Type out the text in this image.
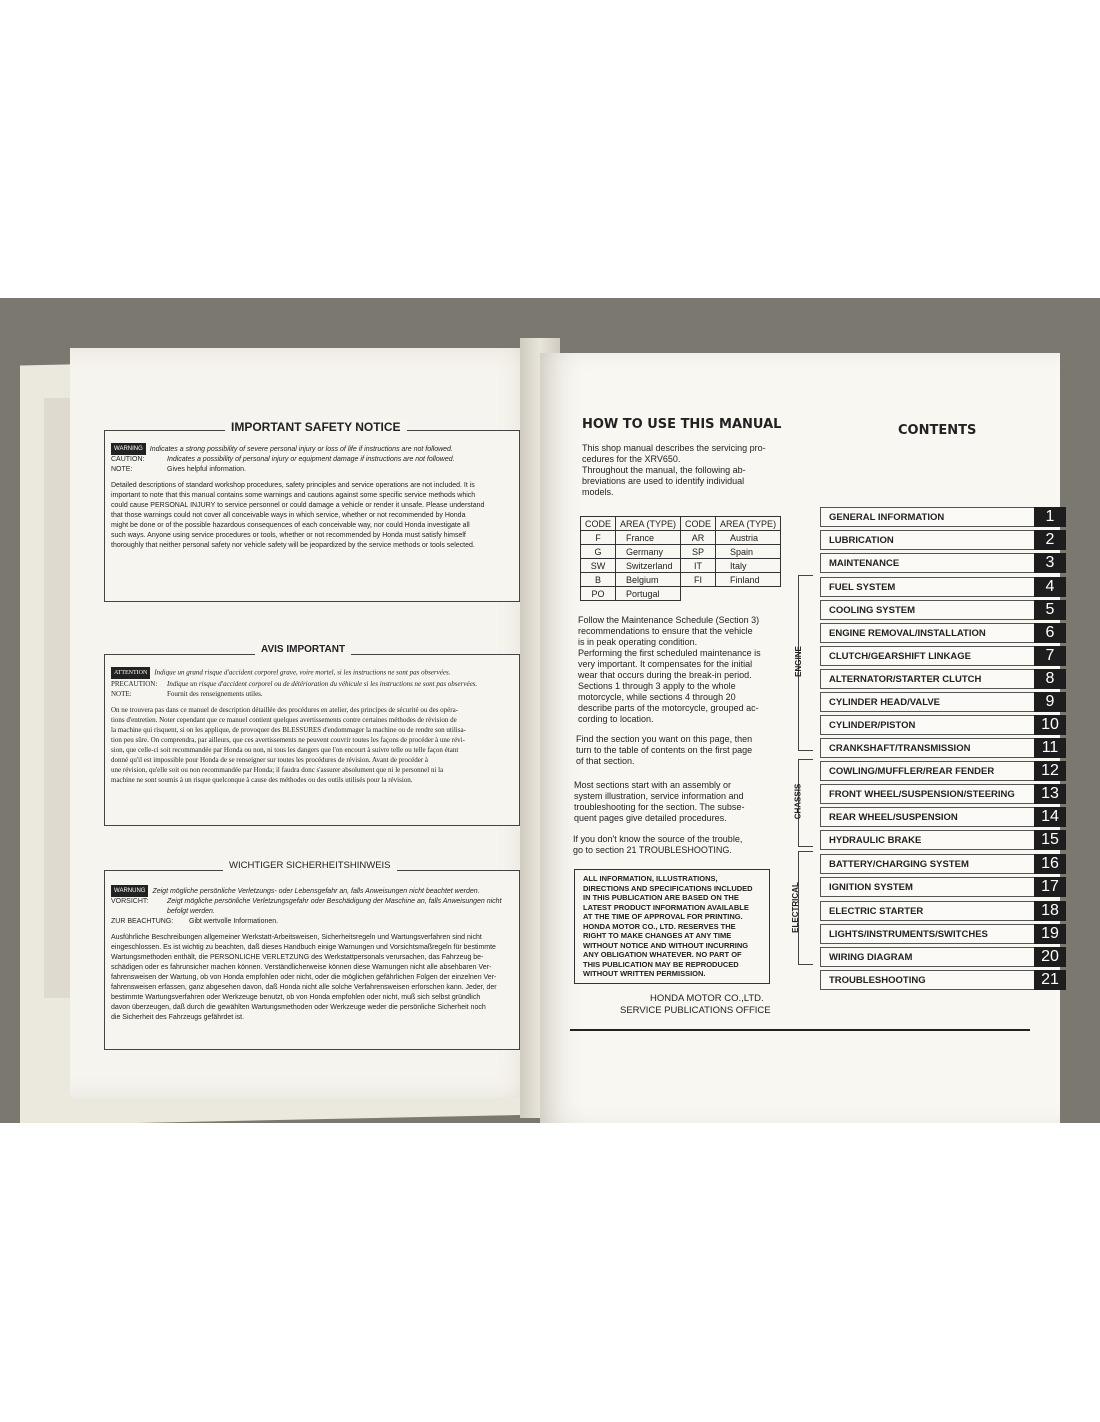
IMPORTANT SAFETY NOTICE
WARNING Indicates a strong possibility of severe personal injury or loss of life if instructions are not followed.
CAUTION:	Indicates a possibility of personal injury or equipment damage if instructions are not followed.
NOTE:	Gives helpful information.
Detailed descriptions of standard workshop procedures, safety principles and service operations are not included. It is
important to note that this manual contains some warnings and cautions against some specific service methods which
could cause PERSONAL INJURY to service personnel or could damage a vehicle or render it unsafe. Please understand
that those warnings could not cover all conceivable ways in which service, whether or not recommended by Honda
might be done or of the possible hazardous consequences of each conceivable way, nor could Honda investigate all
such ways. Anyone using service procedures or tools, whether or not recommended by Honda must satisfy himself
thoroughly that neither personal safety nor vehicle safety will be jeopardized by the service methods or tools selected.
AVIS IMPORTANT
ATTENTION Indique un grand risque d'accident corporel grave, voire mortel, si les instructions ne sont pas observées.
PRECAUTION:	Indique un risque d'accident corporel ou de détérioration du véhicule si les instructions ne sont pas observées.
NOTE:	Fournit des renseignements utiles.
On ne trouvera pas dans ce manuel de description détaillée des procédures en atelier, des principes de sécurité ou des opéra-
tions d'entretien. Noter cependant que ce manuel contient quelques avertissements contre certaines méthodes de révision de
la machine qui risquent, si on les applique, de provoquer des BLESSURES d'endommager la machine ou de rendre son utilisa-
tion peu sûre. On comprendra, par ailleurs, que ces avertissements ne peuvent couvrir toutes les façons de procéder à une révi-
sion, que celle-ci soit recommandée par Honda ou non, ni tous les dangers que l'on encourt à suivre telle ou telle façon étant
donné qu'il est impossible pour Honda de se renseigner sur toutes les procédures de révision. Avant de procéder à
une révision, qu'elle soit ou non recommandée par Honda; il faudra donc s'assurer absolument que ni le personnel ni la
machine ne sont soumis à un risque quelconque à cause des méthodes ou des outils utilisés pour la révision.
WICHTIGER SICHERHEITSHINWEIS
WARNUNG Zeigt mögliche persönliche Verletzungs- oder Lebensgefahr an, falls Anweisungen nicht beachtet werden.
VORSICHT:	Zeigt mögliche persönliche Verletzungsgefahr oder Beschädigung der Maschine an, falls Anweisungen nicht befolgt werden.
ZUR BEACHTUNG:	Gibt wertvolle Informationen.
Ausführliche Beschreibungen allgemeiner Werkstatt-Arbeitsweisen, Sicherheitsregeln und Wartungsverfahren sind nicht
eingeschlossen. Es ist wichtig zu beachten, daß dieses Handbuch einige Warnungen und Vorsichtsmaßregeln für bestimmte
Wartungsmethoden enthält, die PERSÖNLICHE VERLETZUNG des Werkstattpersonals verursachen, das Fahrzeug be-
schädigen oder es fahrunsicher machen können. Verständlicherweise können diese Warnungen nicht alle absehbaren Ver-
fahrensweisen der Wartung, ob von Honda empfohlen oder nicht, oder die möglichen gefährlichen Folgen der einzelnen Ver-
fahrensweisen erfassen, ganz abgesehen davon, daß Honda nicht alle solche Verfahrensweisen erforschen kann. Jeder, der
bestimmte Wartungsverfahren oder Werkzeuge benutzt, ob von Honda empfohlen oder nicht, muß sich selbst gründlich
davon überzeugen, daß durch die gewählten Wartungsmethoden oder Werkzeuge weder die persönliche Sicherheit noch
die Sicherheit des Fahrzeugs gefährdet ist.
HOW TO USE THIS MANUAL
This shop manual describes the servicing pro-
cedures for the XRV650.
Throughout the manual, the following ab-
breviations are used to identify individual
models.
CODE	AREA (TYPE)	CODE	AREA (TYPE)
F	France	AR	Austria
G	Germany	SP	Spain
SW	Switzerland	IT	Italy
B	Belgium	FI	Finland
PO	Portugal		
Follow the Maintenance Schedule (Section 3)
recommendations to ensure that the vehicle
is in peak operating condition.
Performing the first scheduled maintenance is
very important. It compensates for the initial
wear that occurs during the break-in period.
Sections 1 through 3 apply to the whole
motorcycle, while sections 4 through 20
describe parts of the motorcycle, grouped ac-
cording to location.
Find the section you want on this page, then
turn to the table of contents on the first page
of that section.
Most sections start with an assembly or
system illustration, service information and
troubleshooting for the section. The subse-
quent pages give detailed procedures.
If you don't know the source of the trouble,
go to section 21 TROUBLESHOOTING.
ALL INFORMATION, ILLUSTRATIONS,
DIRECTIONS AND SPECIFICATIONS INCLUDED
IN THIS PUBLICATION ARE BASED ON THE
LATEST PRODUCT INFORMATION AVAILABLE
AT THE TIME OF APPROVAL FOR PRINTING.
HONDA MOTOR CO., LTD. RESERVES THE
RIGHT TO MAKE CHANGES AT ANY TIME
WITHOUT NOTICE AND WITHOUT INCURRING
ANY OBLIGATION WHATEVER. NO PART OF
THIS PUBLICATION MAY BE REPRODUCED
WITHOUT WRITTEN PERMISSION.
HONDA MOTOR CO.,LTD.
SERVICE PUBLICATIONS OFFICE
CONTENTS
ENGINE
CHASSIS
ELECTRICAL
GENERAL INFORMATION	1
LUBRICATION	2
MAINTENANCE	3
FUEL SYSTEM	4
COOLING SYSTEM	5
ENGINE REMOVAL/INSTALLATION	6
CLUTCH/GEARSHIFT LINKAGE	7
ALTERNATOR/STARTER CLUTCH	8
CYLINDER HEAD/VALVE	9
CYLINDER/PISTON	10
CRANKSHAFT/TRANSMISSION	11
COWLING/MUFFLER/REAR FENDER	12
FRONT WHEEL/SUSPENSION/STEERING	13
REAR WHEEL/SUSPENSION	14
HYDRAULIC BRAKE	15
BATTERY/CHARGING SYSTEM	16
IGNITION SYSTEM	17
ELECTRIC STARTER	18
LIGHTS/INSTRUMENTS/SWITCHES	19
WIRING DIAGRAM	20
TROUBLESHOOTING	21
